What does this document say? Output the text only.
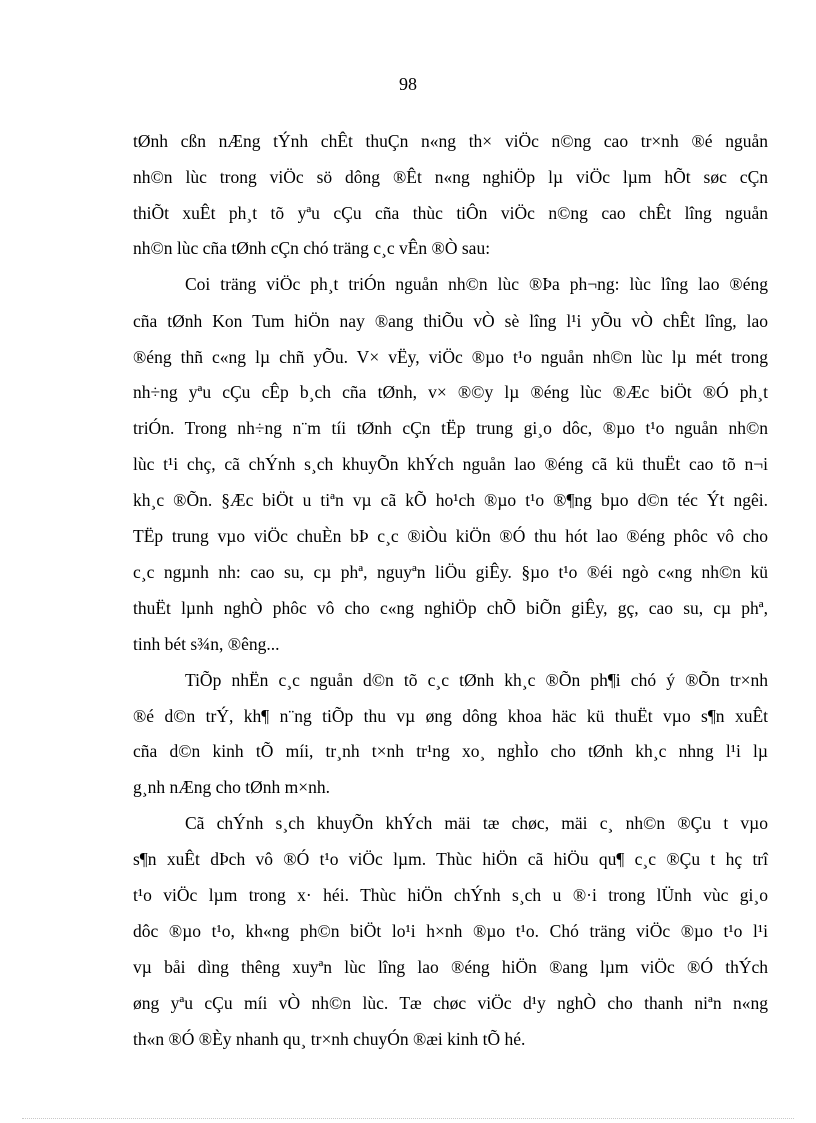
98
tØnh cßn nÆng tÝnh chÊt thuÇn n«ng th× viÖc n©ng cao tr×nh ®é nguån
nh©n lùc trong viÖc sö dông ®Êt n«ng nghiÖp lµ viÖc lµm hÕt søc cÇn
thiÕt xuÊt ph¸t tõ yªu cÇu cña thùc tiÔn viÖc n©ng cao chÊt lîng nguån
nh©n lùc cña tØnh cÇn chó träng c¸c vÊn ®Ò sau:
Coi träng viÖc ph¸t triÓn nguån nh©n lùc ®Þa ph¬ng: lùc lîng lao ®éng
cña tØnh Kon Tum hiÖn nay ®ang thiÕu vÒ sè lîng l¹i yÕu vÒ chÊt lîng, lao
®éng thñ c«ng lµ chñ yÕu. V× vËy, viÖc ®µo t¹o nguån nh©n lùc lµ mét trong
nh÷ng yªu cÇu cÊp b¸ch cña tØnh, v× ®©y lµ ®éng lùc ®Æc biÖt ®Ó ph¸t
triÓn. Trong nh÷ng n¨m tíi tØnh cÇn tËp trung gi¸o dôc, ®µo t¹o nguån nh©n
lùc t¹i chç, cã chÝnh s¸ch khuyÕn khÝch nguån lao ®éng cã kü thuËt cao tõ n¬i
kh¸c ®Õn. §Æc biÖt u tiªn vµ cã kÕ ho¹ch ®µo t¹o ®¶ng bµo d©n téc Ýt ngêi.
TËp trung vµo viÖc chuÈn bÞ c¸c ®iÒu kiÖn ®Ó thu hót lao ®éng phôc vô cho
c¸c ngµnh nh: cao su, cµ phª, nguyªn liÖu giÊy. §µo t¹o ®éi ngò c«ng nh©n kü
thuËt lµnh nghÒ phôc vô cho c«ng nghiÖp chÕ biÕn giÊy, gç, cao su, cµ phª,
tinh bét s¾n, ®êng...
TiÕp nhËn c¸c nguån d©n tõ c¸c tØnh kh¸c ®Õn ph¶i chó ý ®Õn tr×nh
®é d©n trÝ, kh¶ n¨ng tiÕp thu vµ øng dông khoa häc kü thuËt vµo s¶n xuÊt
cña d©n kinh tÕ míi, tr¸nh t×nh tr¹ng xo¸ nghÌo cho tØnh kh¸c nhng l¹i lµ
g¸nh nÆng cho tØnh m×nh.
Cã chÝnh s¸ch khuyÕn khÝch mäi tæ chøc, mäi c¸ nh©n ®Çu t vµo
s¶n xuÊt dÞch vô ®Ó t¹o viÖc lµm. Thùc hiÖn cã hiÖu qu¶ c¸c ®Çu t hç trî
t¹o viÖc lµm trong x· héi. Thùc hiÖn chÝnh s¸ch u ®·i trong lÜnh vùc gi¸o
dôc ®µo t¹o, kh«ng ph©n biÖt lo¹i h×nh ®µo t¹o. Chó träng viÖc ®µo t¹o l¹i
vµ båi dìng thêng xuyªn lùc lîng lao ®éng hiÖn ®ang lµm viÖc ®Ó thÝch
øng yªu cÇu míi vÒ nh©n lùc. Tæ chøc viÖc d¹y nghÒ cho thanh niªn n«ng
th«n ®Ó ®Èy nhanh qu¸ tr×nh chuyÓn ®æi kinh tÕ hé.
